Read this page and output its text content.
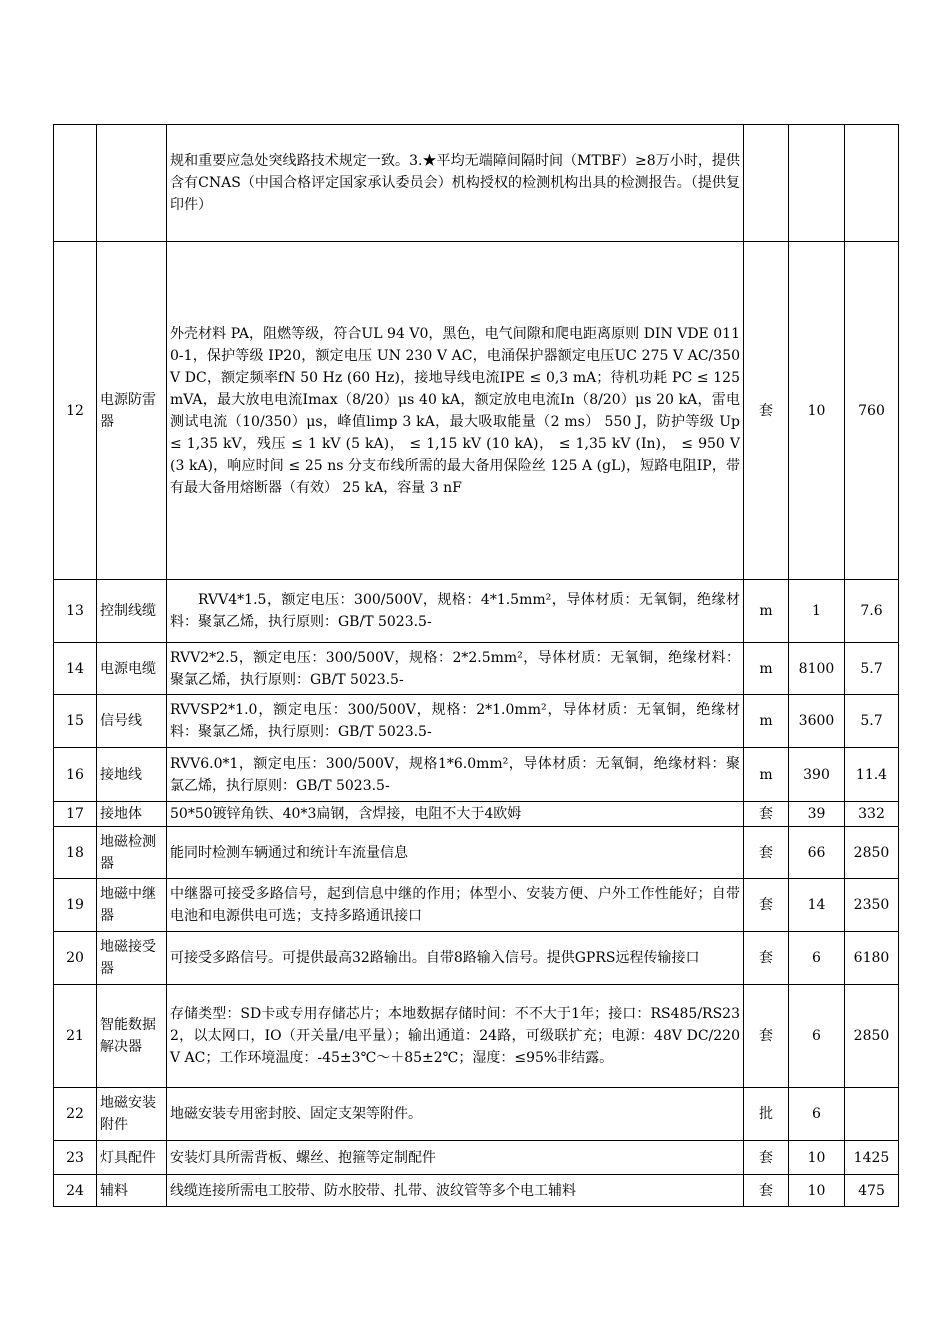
		规和重要应急处突线路技术规定一致。3.★平均无端障间隔时间（MTBF）≥8万小时，提供含有CNAS（中国合格评定国家承认委员会）机构授权的检测机构出具的检测报告。（提供复印件）			
12	电源防雷器	外壳材料 PA，阻燃等级，符合UL 94 V0，黑色，电气间隙和爬电距离原则 DIN VDE 0110-1，保护等级 IP20，额定电压 UN 230 V AC，电涌保护器额定电压UC 275 V AC/350 V DC，额定频率fN 50 Hz (60 Hz)，接地导线电流IPE ≤ 0,3 mA；待机功耗 PC ≤ 125 mVA，最大放电电流Imax（8/20）μs 40 kA，额定放电电流In（8/20）μs 20 kA，雷电测试电流（10/350）μs，峰值limp 3 kA，最大吸取能量（2 ms） 550 J，防护等级 Up ≤ 1,35 kV，残压 ≤ 1 kV (5 kA)， ≤ 1,15 kV (10 kA)， ≤ 1,35 kV (In)， ≤ 950 V (3 kA)，响应时间 ≤ 25 ns 分支布线所需的最大备用保险丝 125 A (gL)，短路电阻IP，带有最大备用熔断器（有效） 25 kA，容量 3 nF	套	10	760
13	控制线缆	RVV4*1.5，额定电压：300/500V，规格：4*1.5mm²，导体材质：无氧铜，绝缘材料：聚氯乙烯，执行原则：GB/T 5023.5-	m	1	7.6
14	电源电缆	RVV2*2.5，额定电压：300/500V，规格：2*2.5mm²，导体材质：无氧铜，绝缘材料：聚氯乙烯，执行原则：GB/T 5023.5-	m	8100	5.7
15	信号线	RVVSP2*1.0，额定电压：300/500V，规格：2*1.0mm²，导体材质：无氧铜，绝缘材料：聚氯乙烯，执行原则：GB/T 5023.5-	m	3600	5.7
16	接地线	RVV6.0*1，额定电压：300/500V，规格1*6.0mm²，导体材质：无氧铜，绝缘材料：聚氯乙烯，执行原则：GB/T 5023.5-	m	390	11.4
17	接地体	50*50镀锌角铁、40*3扁钢，含焊接，电阻不大于4欧姆	套	39	332
18	地磁检测器	能同时检测车辆通过和统计车流量信息	套	66	2850
19	地磁中继器	中继器可接受多路信号，起到信息中继的作用；体型小、安装方便、户外工作性能好；自带电池和电源供电可选；支持多路通讯接口	套	14	2350
20	地磁接受器	可接受多路信号。可提供最高32路输出。自带8路输入信号。提供GPRS远程传输接口	套	6	6180
21	智能数据解决器	存储类型：SD卡或专用存储芯片；本地数据存储时间：不不大于1年；接口：RS485/RS232，以太网口，IO（开关量/电平量）；输出通道：24路，可级联扩充；电源：48V DC/220V AC；工作环境温度：-45±3℃～＋85±2℃；湿度：≤95%非结露。	套	6	2850
22	地磁安装附件	地磁安装专用密封胶、固定支架等附件。	批	6	
23	灯具配件	安装灯具所需背板、螺丝、抱箍等定制配件	套	10	1425
24	辅料	线缆连接所需电工胶带、防水胶带、扎带、波纹管等多个电工辅料	套	10	475
